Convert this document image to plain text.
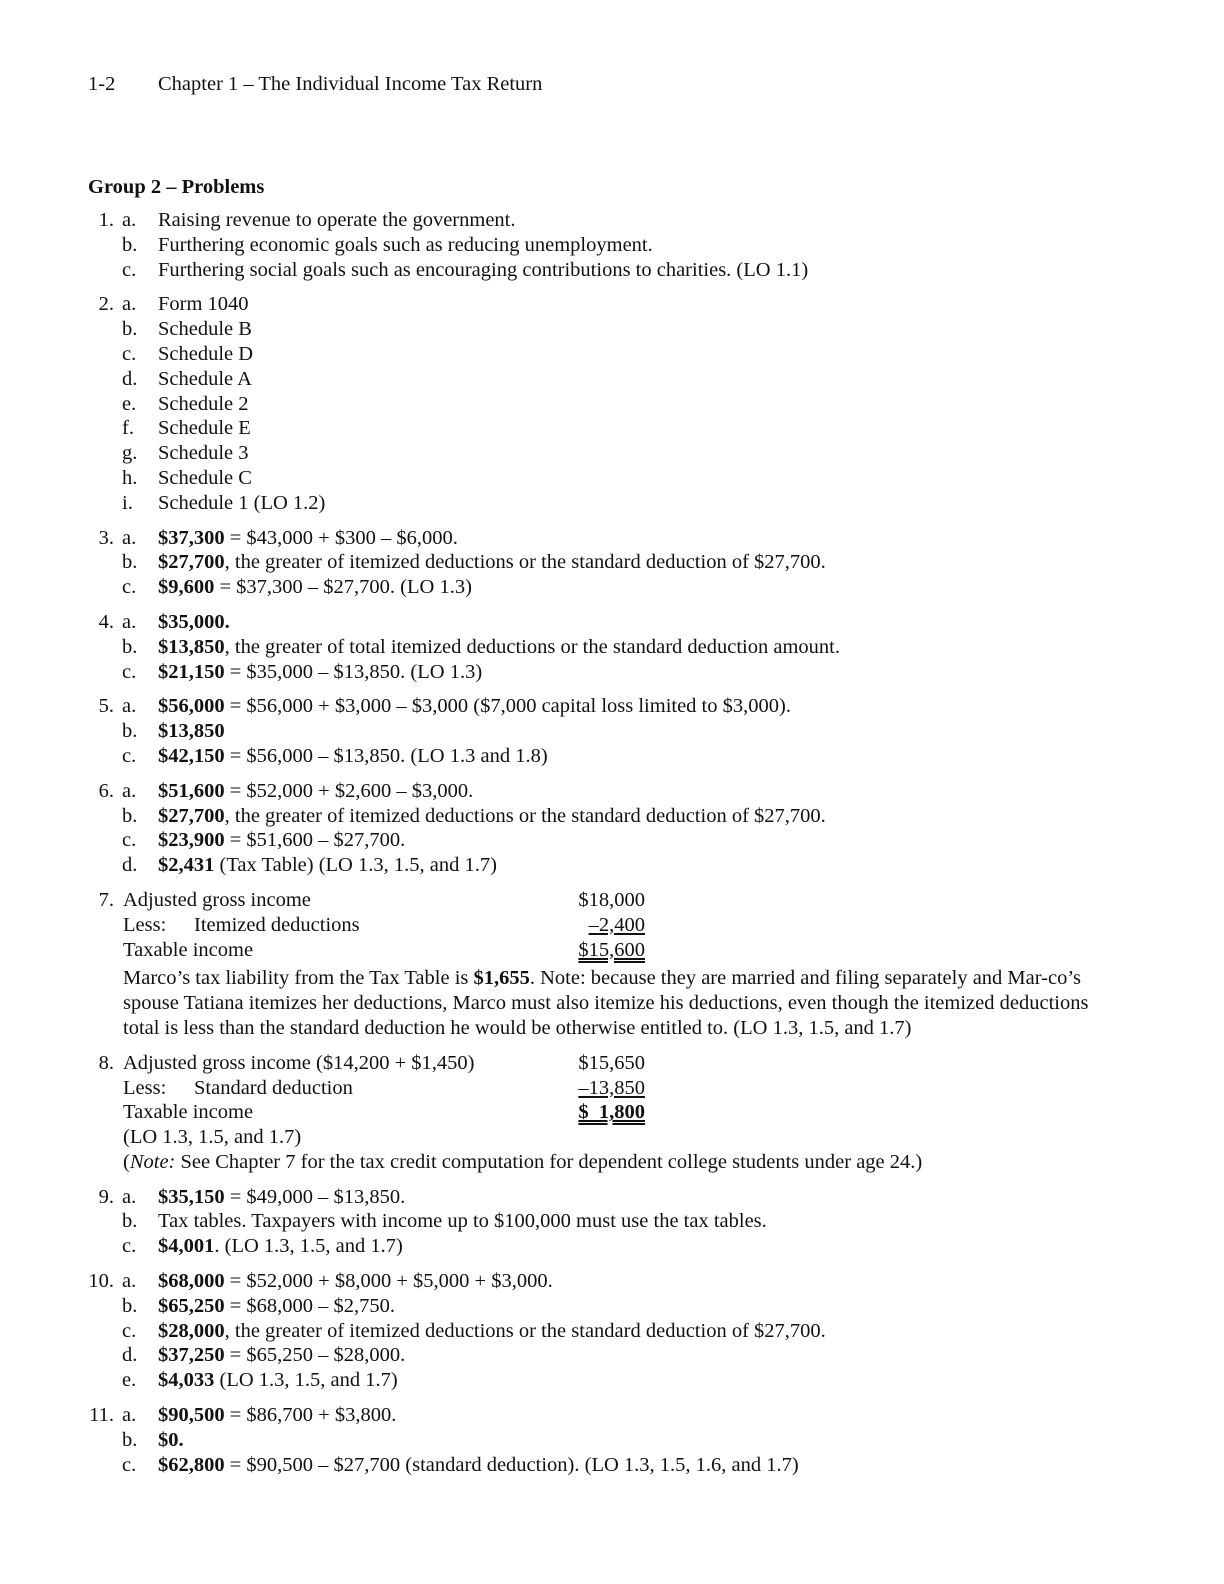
1-2 Chapter 1 – The Individual Income Tax Return
Group 2 – Problems
1. a. Raising revenue to operate the government.
b. Furthering economic goals such as reducing unemployment.
c. Furthering social goals such as encouraging contributions to charities. (LO 1.1)
2. a. Form 1040
b. Schedule B
c. Schedule D
d. Schedule A
e. Schedule 2
f. Schedule E
g. Schedule 3
h. Schedule C
i. Schedule 1 (LO 1.2)
3. a. $37,300 = $43,000 + $300 – $6,000.
b. $27,700, the greater of itemized deductions or the standard deduction of $27,700.
c. $9,600 = $37,300 – $27,700. (LO 1.3)
4. a. $35,000.
b. $13,850, the greater of total itemized deductions or the standard deduction amount.
c. $21,150 = $35,000 – $13,850. (LO 1.3)
5. a. $56,000 = $56,000 + $3,000 – $3,000 ($7,000 capital loss limited to $3,000).
b. $13,850
c. $42,150 = $56,000 – $13,850. (LO 1.3 and 1.8)
6. a. $51,600 = $52,000 + $2,600 – $3,000.
b. $27,700, the greater of itemized deductions or the standard deduction of $27,700.
c. $23,900 = $51,600 – $27,700.
d. $2,431 (Tax Table) (LO 1.3, 1.5, and 1.7)
7. Adjusted gross income	$18,000
Less: Itemized deductions	–2,400
Taxable income	$15,600
Marco’s tax liability from the Tax Table is $1,655. Note: because they are married and filing separately and Mar-co’s spouse Tatiana itemizes her deductions, Marco must also itemize his deductions, even though the itemized deductions total is less than the standard deduction he would be otherwise entitled to. (LO 1.3, 1.5, and 1.7)
8. Adjusted gross income ($14,200 + $1,450)	$15,650
Less: Standard deduction	–13,850
Taxable income	$  1,800
(LO 1.3, 1.5, and 1.7)
(Note: See Chapter 7 for the tax credit computation for dependent college students under age 24.)
9. a. $35,150 = $49,000 – $13,850.
b. Tax tables. Taxpayers with income up to $100,000 must use the tax tables.
c. $4,001. (LO 1.3, 1.5, and 1.7)
10. a. $68,000 = $52,000 + $8,000 + $5,000 + $3,000.
b. $65,250 = $68,000 – $2,750.
c. $28,000, the greater of itemized deductions or the standard deduction of $27,700.
d. $37,250 = $65,250 – $28,000.
e. $4,033 (LO 1.3, 1.5, and 1.7)
11. a. $90,500 = $86,700 + $3,800.
b. $0.
c. $62,800 = $90,500 – $27,700 (standard deduction). (LO 1.3, 1.5, 1.6, and 1.7)
